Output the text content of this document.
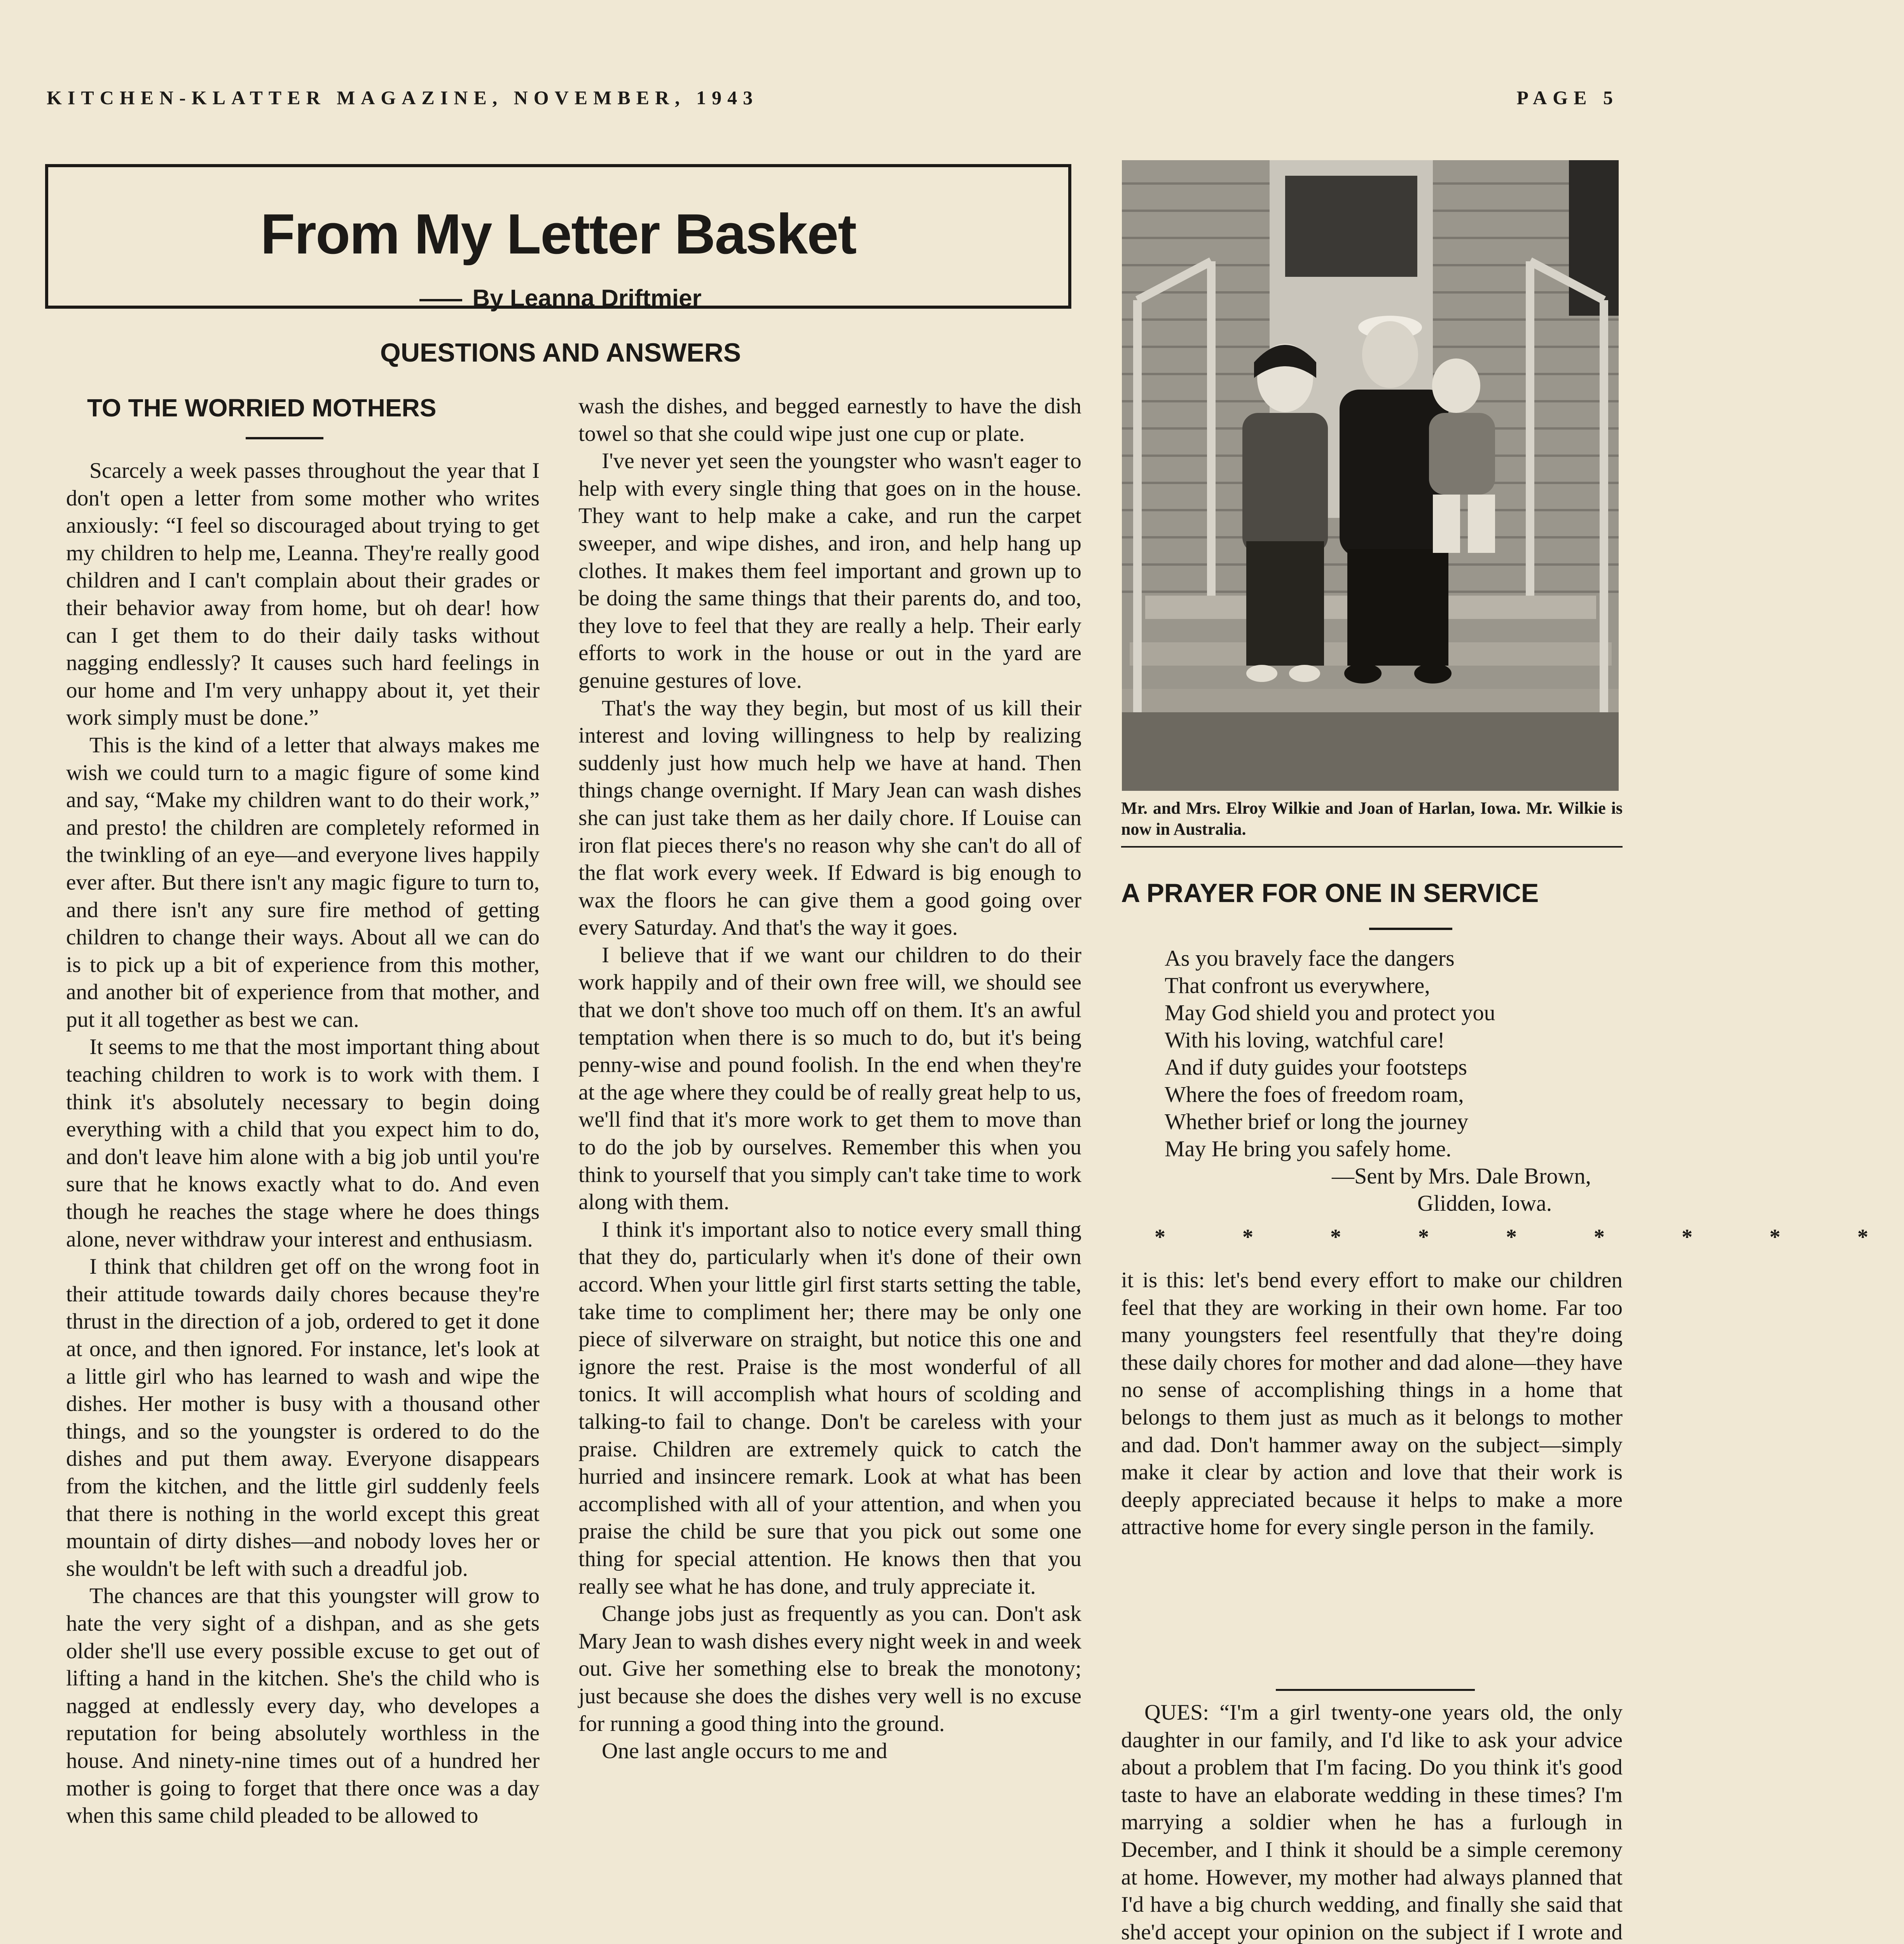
KITCHEN-KLATTER MAGAZINE, NOVEMBER, 1943	PAGE 5
From My Letter Basket
By Leanna Driftmier
QUESTIONS AND ANSWERS
TO THE WORRIED MOTHERS

Scarcely a week passes throughout the year that I don't open a letter from some mother who writes anxiously: “I feel so discouraged about trying to get my children to help me, Leanna. They're really good children and I can't complain about their grades or their behavior away from home, but oh dear! how can I get them to do their daily tasks without nagging endlessly? It causes such hard feelings in our home and I'm very unhappy about it, yet their work simply must be done.”

This is the kind of a letter that always makes me wish we could turn to a magic figure of some kind and say, “Make my children want to do their work,” and presto! the children are completely reformed in the twinkling of an eye—and everyone lives happily ever after. But there isn't any magic figure to turn to, and there isn't any sure fire method of getting children to change their ways. About all we can do is to pick up a bit of experience from this mother, and another bit of experience from that mother, and put it all together as best we can.

It seems to me that the most important thing about teaching children to work is to work with them. I think it's absolutely necessary to begin doing everything with a child that you expect him to do, and don't leave him alone with a big job until you're sure that he knows exactly what to do. And even though he reaches the stage where he does things alone, never withdraw your interest and enthusiasm.

I think that children get off on the wrong foot in their attitude towards daily chores because they're thrust in the direction of a job, ordered to get it done at once, and then ignored. For instance, let's look at a little girl who has learned to wash and wipe the dishes. Her mother is busy with a thousand other things, and so the youngster is ordered to do the dishes and put them away. Everyone disappears from the kitchen, and the little girl suddenly feels that there is nothing in the world except this great mountain of dirty dishes—and nobody loves her or she wouldn't be left with such a dreadful job.

The chances are that this youngster will grow to hate the very sight of a dishpan, and as she gets older she'll use every possible excuse to get out of lifting a hand in the kitchen. She's the child who is nagged at endlessly every day, who developes a reputation for being absolutely worthless in the house. And ninety-nine times out of a hundred her mother is going to forget that there once was a day when this same child pleaded to be allowed to

wash the dishes, and begged earnestly to have the dish towel so that she could wipe just one cup or plate.

I've never yet seen the youngster who wasn't eager to help with every single thing that goes on in the house. They want to help make a cake, and run the carpet sweeper, and wipe dishes, and iron, and help hang up clothes. It makes them feel important and grown up to be doing the same things that their parents do, and too, they love to feel that they are really a help. Their early efforts to work in the house or out in the yard are genuine gestures of love.

That's the way they begin, but most of us kill their interest and loving willingness to help by realizing suddenly just how much help we have at hand. Then things change overnight. If Mary Jean can wash dishes she can just take them as her daily chore. If Louise can iron flat pieces there's no reason why she can't do all of the flat work every week. If Edward is big enough to wax the floors he can give them a good going over every Saturday. And that's the way it goes.

I believe that if we want our children to do their work happily and of their own free will, we should see that we don't shove too much off on them. It's an awful temptation when there is so much to do, but it's being penny-wise and pound foolish. In the end when they're at the age where they could be of really great help to us, we'll find that it's more work to get them to move than to do the job by ourselves. Remember this when you think to yourself that you simply can't take time to work along with them.

I think it's important also to notice every small thing that they do, particularly when it's done of their own accord. When your little girl first starts setting the table, take time to compliment her; there may be only one piece of silverware on straight, but notice this one and ignore the rest. Praise is the most wonderful of all tonics. It will accomplish what hours of scolding and talking-to fail to change. Don't be careless with your praise. Children are extremely quick to catch the hurried and insincere remark. Look at what has been accomplished with all of your attention, and when you praise the child be sure that you pick out some one thing for special attention. He knows then that you really see what he has done, and truly appreciate it.

Change jobs just as frequently as you can. Don't ask Mary Jean to wash dishes every night week in and week out. Give her something else to break the monotony; just because she does the dishes very well is no excuse for running a good thing into the ground.

One last angle occurs to me and

Mr. and Mrs. Elroy Wilkie and Joan of Harlan, Iowa. Mr. Wilkie is now in Australia.
A PRAYER FOR ONE IN SERVICE
As you bravely face the dangers
That confront us everywhere,
May God shield you and protect you
With his loving, watchful care!
And if duty guides your footsteps
Where the foes of freedom roam,
Whether brief or long the journey
May He bring you safely home.
—Sent by Mrs. Dale Brown,
Glidden, Iowa.
* * * * * * * * *

it is this: let's bend every effort to make our children feel that they are working in their own home. Far too many youngsters feel resentfully that they're doing these daily chores for mother and dad alone—they have no sense of accomplishing things in a home that belongs to them just as much as it belongs to mother and dad. Don't hammer away on the subject—simply make it clear by action and love that their work is deeply appreciated because it helps to make a more attractive home for every single person in the family.

QUES: “I'm a girl twenty-one years old, the only daughter in our family, and I'd like to ask your advice about a problem that I'm facing. Do you think it's good taste to have an elaborate wedding in these times? I'm marrying a soldier when he has a furlough in December, and I think it should be a simple ceremony at home. However, my mother had always planned that I'd have a big church wedding, and finally she said that she'd accept your opinion on the subject if I wrote and
